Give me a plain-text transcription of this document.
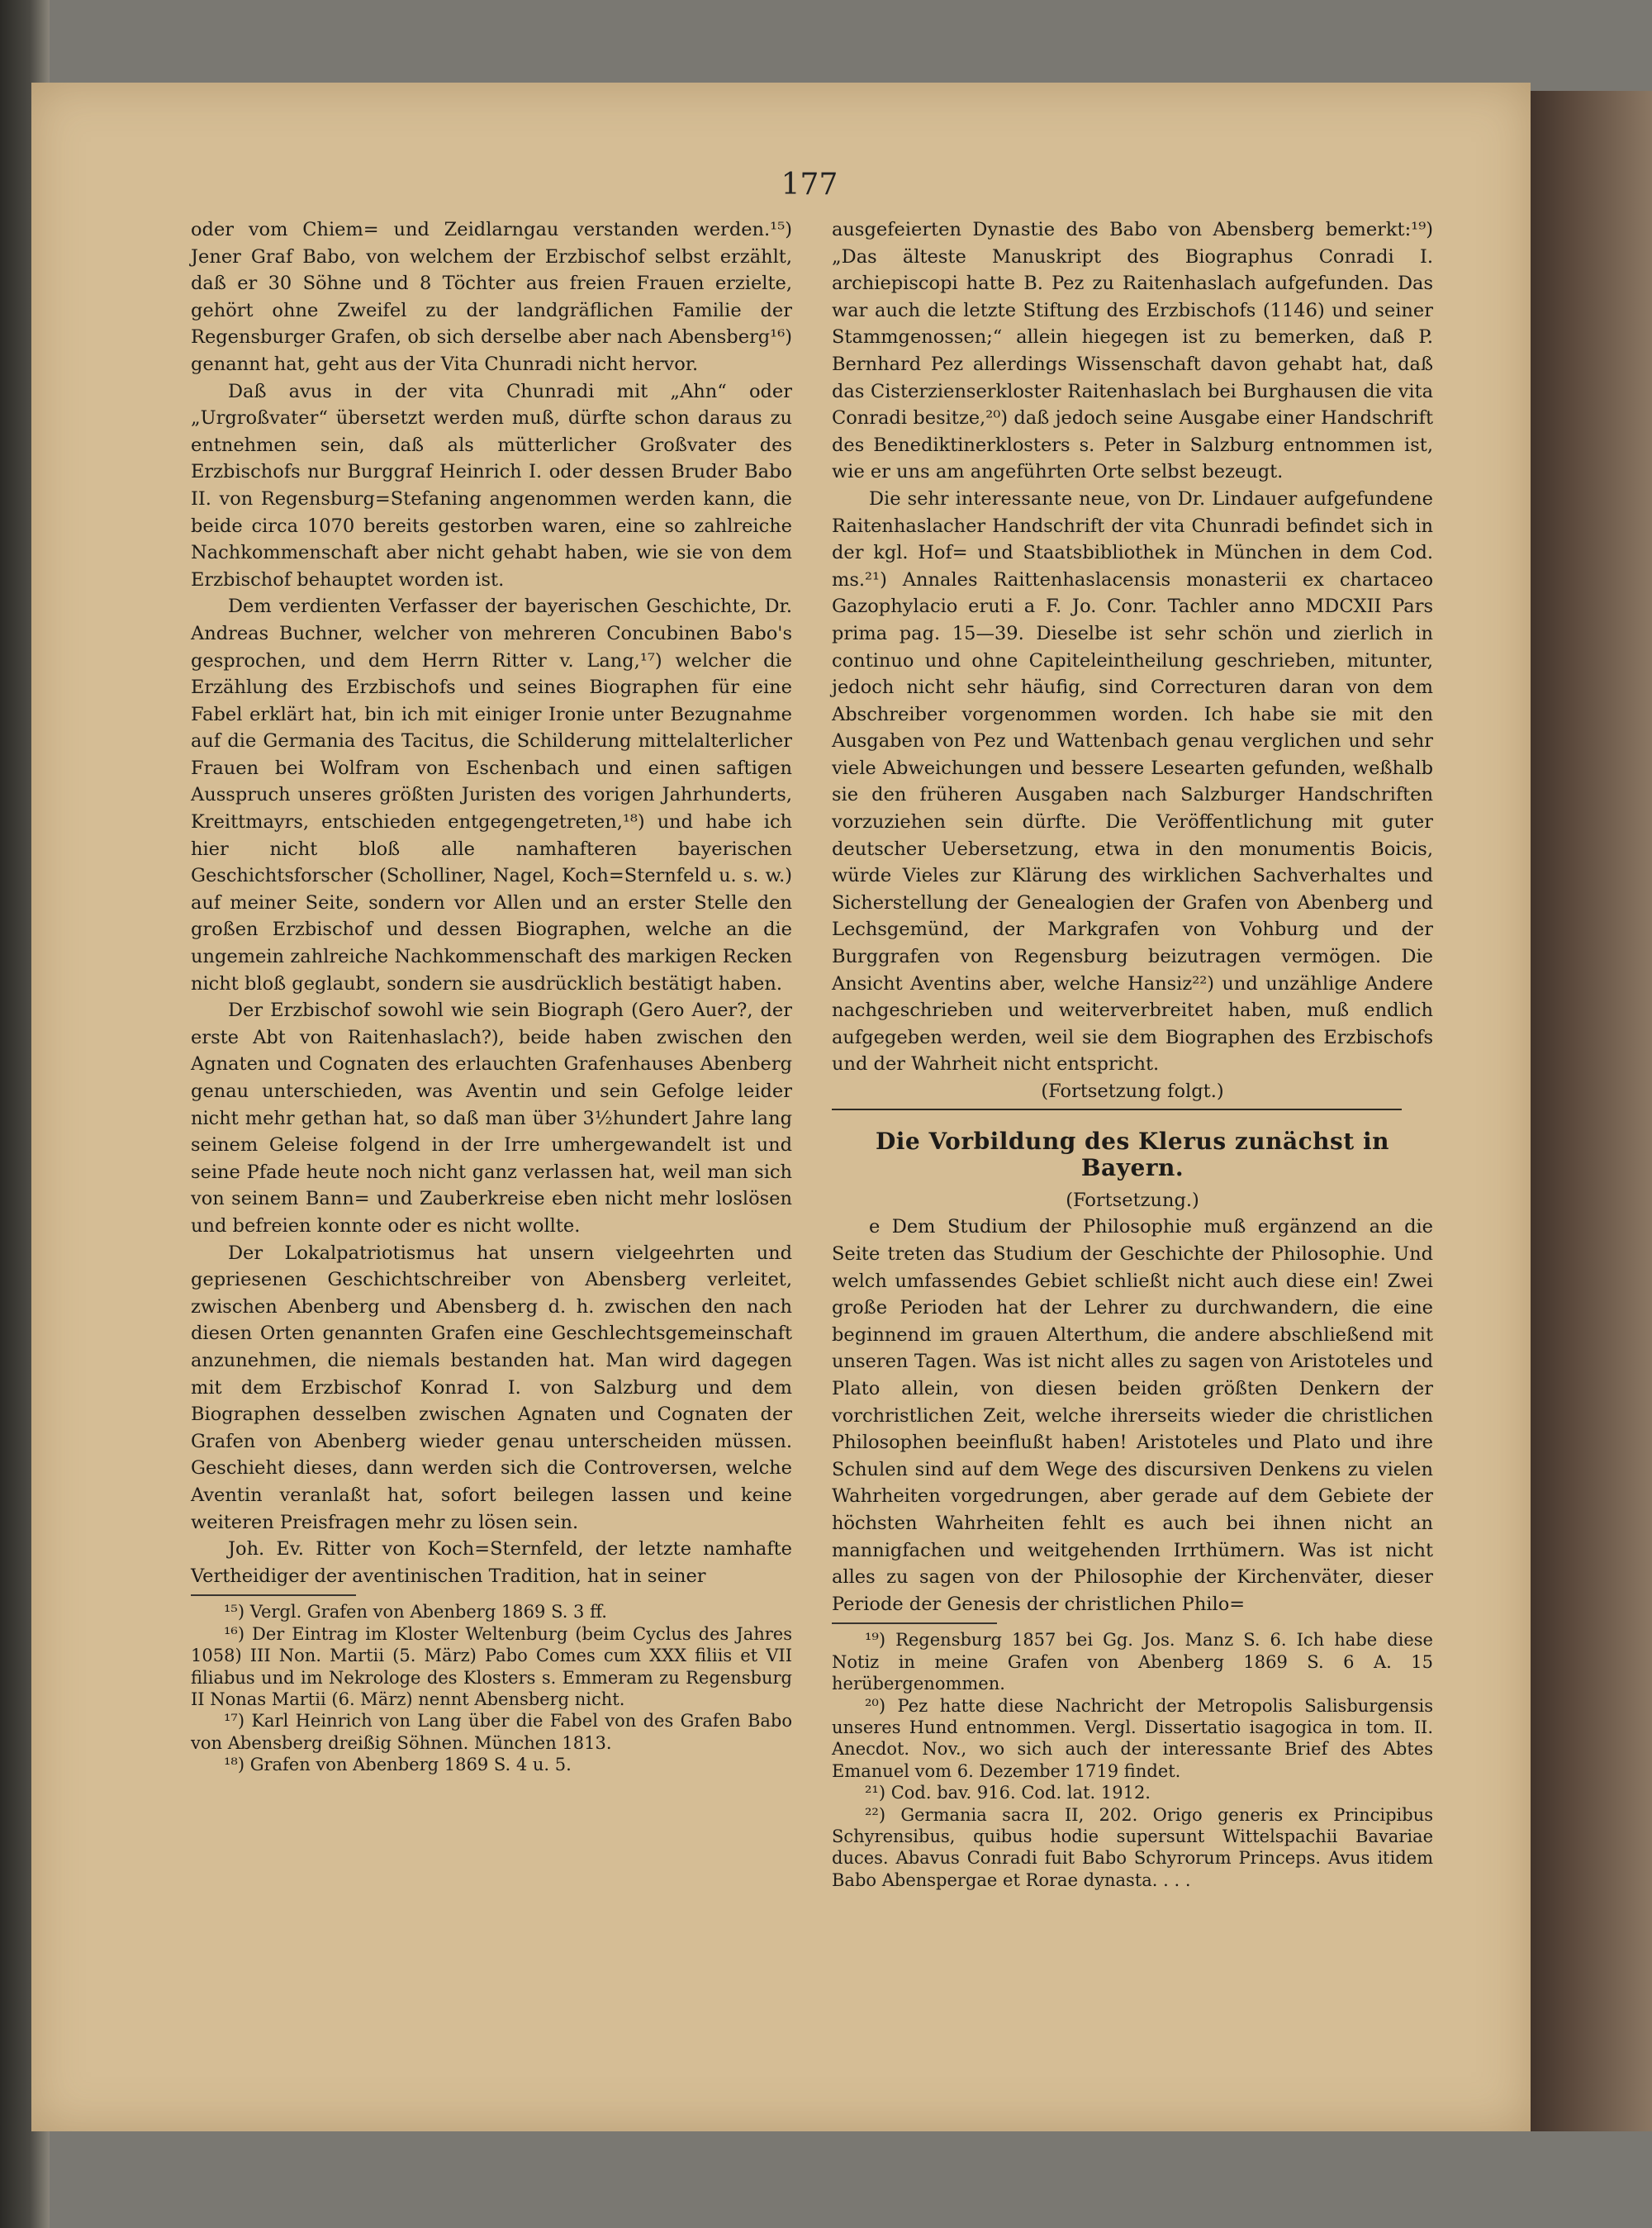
177

oder vom Chiem= und Zeidlarngau verstanden werden.¹⁵) Jener Graf Babo, von welchem der Erzbischof selbst erzählt, daß er 30 Söhne und 8 Töchter aus freien Frauen erzielte, gehört ohne Zweifel zu der landgräflichen Familie der Regensburger Grafen, ob sich derselbe aber nach Abensberg¹⁶) genannt hat, geht aus der Vita Chunradi nicht hervor.

Daß avus in der vita Chunradi mit „Ahn“ oder „Urgroßvater“ übersetzt werden muß, dürfte schon daraus zu entnehmen sein, daß als mütterlicher Großvater des Erzbischofs nur Burggraf Heinrich I. oder dessen Bruder Babo II. von Regensburg=Stefaning angenommen werden kann, die beide circa 1070 bereits gestorben waren, eine so zahlreiche Nachkommenschaft aber nicht gehabt haben, wie sie von dem Erzbischof behauptet worden ist.

Dem verdienten Verfasser der bayerischen Geschichte, Dr. Andreas Buchner, welcher von mehreren Concubinen Babo's gesprochen, und dem Herrn Ritter v. Lang,¹⁷) welcher die Erzählung des Erzbischofs und seines Biographen für eine Fabel erklärt hat, bin ich mit einiger Ironie unter Bezugnahme auf die Germania des Tacitus, die Schilderung mittelalterlicher Frauen bei Wolfram von Eschenbach und einen saftigen Ausspruch unseres größten Juristen des vorigen Jahrhunderts, Kreittmayrs, entschieden entgegengetreten,¹⁸) und habe ich hier nicht bloß alle namhafteren bayerischen Geschichtsforscher (Scholliner, Nagel, Koch=Sternfeld u. s. w.) auf meiner Seite, sondern vor Allen und an erster Stelle den großen Erzbischof und dessen Biographen, welche an die ungemein zahlreiche Nachkommenschaft des markigen Recken nicht bloß geglaubt, sondern sie ausdrücklich bestätigt haben.

Der Erzbischof sowohl wie sein Biograph (Gero Auer?, der erste Abt von Raitenhaslach?), beide haben zwischen den Agnaten und Cognaten des erlauchten Grafenhauses Abenberg genau unterschieden, was Aventin und sein Gefolge leider nicht mehr gethan hat, so daß man über 3½hundert Jahre lang seinem Geleise folgend in der Irre umhergewandelt ist und seine Pfade heute noch nicht ganz verlassen hat, weil man sich von seinem Bann= und Zauberkreise eben nicht mehr loslösen und befreien konnte oder es nicht wollte.

Der Lokalpatriotismus hat unsern vielgeehrten und gepriesenen Geschichtschreiber von Abensberg verleitet, zwischen Abenberg und Abensberg d. h. zwischen den nach diesen Orten genannten Grafen eine Geschlechtsgemeinschaft anzunehmen, die niemals bestanden hat. Man wird dagegen mit dem Erzbischof Konrad I. von Salzburg und dem Biographen desselben zwischen Agnaten und Cognaten der Grafen von Abenberg wieder genau unterscheiden müssen. Geschieht dieses, dann werden sich die Controversen, welche Aventin veranlaßt hat, sofort beilegen lassen und keine weiteren Preisfragen mehr zu lösen sein.

Joh. Ev. Ritter von Koch=Sternfeld, der letzte namhafte Vertheidiger der aventinischen Tradition, hat in seiner

¹⁵) Vergl. Grafen von Abenberg 1869 S. 3 ff.

¹⁶) Der Eintrag im Kloster Weltenburg (beim Cyclus des Jahres 1058) III Non. Martii (5. März) Pabo Comes cum XXX filiis et VII filiabus und im Nekrologe des Klosters s. Emmeram zu Regensburg II Nonas Martii (6. März) nennt Abensberg nicht.

¹⁷) Karl Heinrich von Lang über die Fabel von des Grafen Babo von Abensberg dreißig Söhnen. München 1813.

¹⁸) Grafen von Abenberg 1869 S. 4 u. 5.

ausgefeierten Dynastie des Babo von Abensberg bemerkt:¹⁹) „Das älteste Manuskript des Biographus Conradi I. archiepiscopi hatte B. Pez zu Raitenhaslach aufgefunden. Das war auch die letzte Stiftung des Erzbischofs (1146) und seiner Stammgenossen;“ allein hiegegen ist zu bemerken, daß P. Bernhard Pez allerdings Wissenschaft davon gehabt hat, daß das Cisterzienserkloster Raitenhaslach bei Burghausen die vita Conradi besitze,²⁰) daß jedoch seine Ausgabe einer Handschrift des Benediktinerklosters s. Peter in Salzburg entnommen ist, wie er uns am angeführten Orte selbst bezeugt.

Die sehr interessante neue, von Dr. Lindauer aufgefundene Raitenhaslacher Handschrift der vita Chunradi befindet sich in der kgl. Hof= und Staatsbibliothek in München in dem Cod. ms.²¹) Annales Raittenhaslacensis monasterii ex chartaceo Gazophylacio eruti a F. Jo. Conr. Tachler anno MDCXII Pars prima pag. 15—39. Dieselbe ist sehr schön und zierlich in continuo und ohne Capiteleintheilung geschrieben, mitunter, jedoch nicht sehr häufig, sind Correcturen daran von dem Abschreiber vorgenommen worden. Ich habe sie mit den Ausgaben von Pez und Wattenbach genau verglichen und sehr viele Abweichungen und bessere Lesearten gefunden, weßhalb sie den früheren Ausgaben nach Salzburger Handschriften vorzuziehen sein dürfte. Die Veröffentlichung mit guter deutscher Uebersetzung, etwa in den monumentis Boicis, würde Vieles zur Klärung des wirklichen Sachverhaltes und Sicherstellung der Genealogien der Grafen von Abenberg und Lechsgemünd, der Markgrafen von Vohburg und der Burggrafen von Regensburg beizutragen vermögen. Die Ansicht Aventins aber, welche Hansiz²²) und unzählige Andere nachgeschrieben und weiterverbreitet haben, muß endlich aufgegeben werden, weil sie dem Biographen des Erzbischofs und der Wahrheit nicht entspricht.

(Fortsetzung folgt.)

Die Vorbildung des Klerus zunächst in Bayern.

(Fortsetzung.)

e Dem Studium der Philosophie muß ergänzend an die Seite treten das Studium der Geschichte der Philosophie. Und welch umfassendes Gebiet schließt nicht auch diese ein! Zwei große Perioden hat der Lehrer zu durchwandern, die eine beginnend im grauen Alterthum, die andere abschließend mit unseren Tagen. Was ist nicht alles zu sagen von Aristoteles und Plato allein, von diesen beiden größten Denkern der vorchristlichen Zeit, welche ihrerseits wieder die christlichen Philosophen beeinflußt haben! Aristoteles und Plato und ihre Schulen sind auf dem Wege des discursiven Denkens zu vielen Wahrheiten vorgedrungen, aber gerade auf dem Gebiete der höchsten Wahrheiten fehlt es auch bei ihnen nicht an mannigfachen und weitgehenden Irrthümern. Was ist nicht alles zu sagen von der Philosophie der Kirchenväter, dieser Periode der Genesis der christlichen Philo=

¹⁹) Regensburg 1857 bei Gg. Jos. Manz S. 6. Ich habe diese Notiz in meine Grafen von Abenberg 1869 S. 6 A. 15 herübergenommen.

²⁰) Pez hatte diese Nachricht der Metropolis Salisburgensis unseres Hund entnommen. Vergl. Dissertatio isagogica in tom. II. Anecdot. Nov., wo sich auch der interessante Brief des Abtes Emanuel vom 6. Dezember 1719 findet.

²¹) Cod. bav. 916. Cod. lat. 1912.

²²) Germania sacra II, 202. Origo generis ex Principibus Schyrensibus, quibus hodie supersunt Wittelspachii Bavariae duces. Abavus Conradi fuit Babo Schyrorum Princeps. Avus itidem Babo Abenspergae et Rorae dynasta. . . .
